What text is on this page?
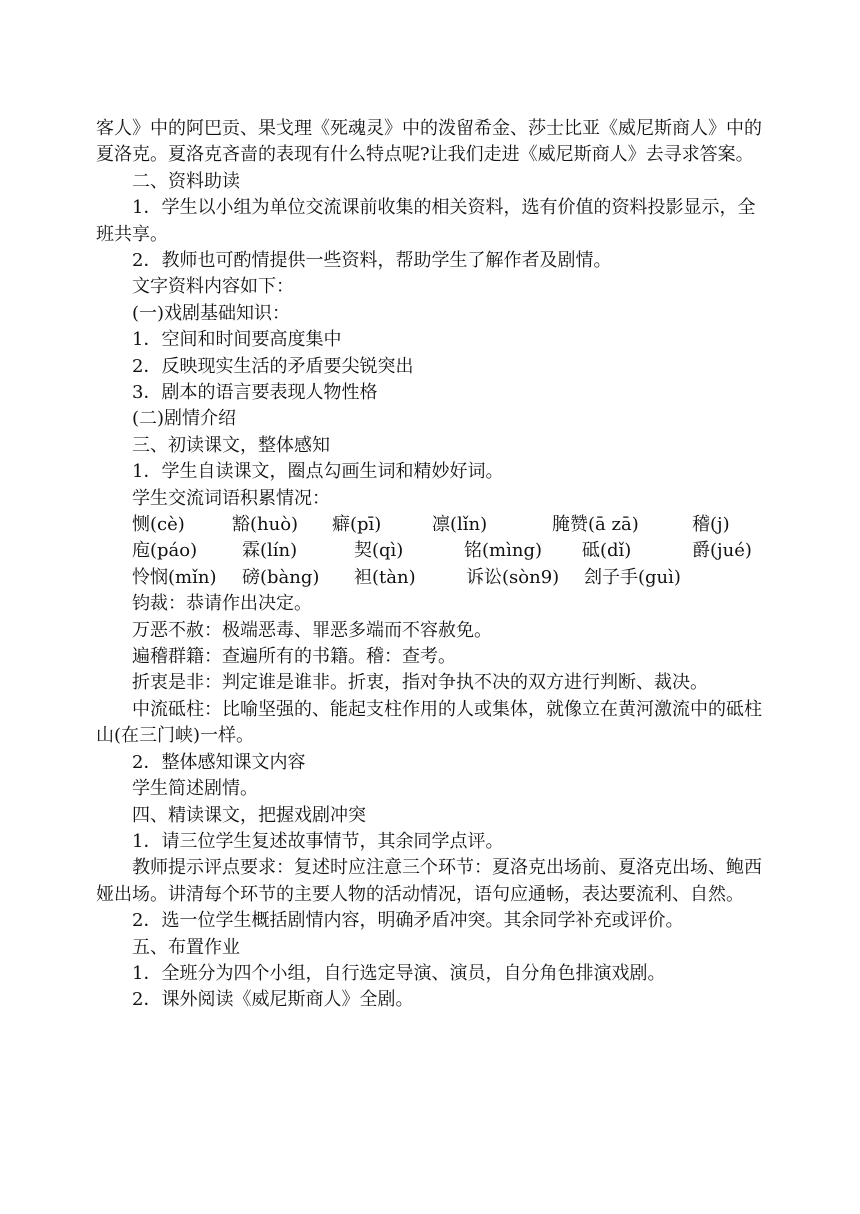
客人》中的阿巴贡、果戈理《死魂灵》中的泼留希金、莎士比亚《威尼斯商人》中的夏洛克。夏洛克吝啬的表现有什么特点呢?让我们走进《威尼斯商人》去寻求答案。

二、资料助读

1．学生以小组为单位交流课前收集的相关资料，选有价值的资料投影显示，全班共享。

2．教师也可酌情提供一些资料，帮助学生了解作者及剧情。

文字资料内容如下：

(一)戏剧基础知识：

1．空间和时间要高度集中

2．反映现实生活的矛盾要尖锐突出

3．剧本的语言要表现人物性格

(二)剧情介绍

三、初读课文，整体感知

1．学生自读课文，圈点勾画生词和精妙好词。

学生交流词语积累情况：

恻(cè)	豁(huò) 癖(pī)	凛(lǐn)	腌赞(ā zā)	稽(j)
庖(páo) 霖(lín)	契(qì)	铭(mìng) 砥(dǐ)	爵(jué)
怜悯(mǐn) 磅(bàng) 袒(tàn)	诉讼(sòn9) 刽子手(guì)

钧裁：恭请作出决定。

万恶不赦：极端恶毒、罪恶多端而不容赦免。

遍稽群籍：查遍所有的书籍。稽：查考。

折衷是非：判定谁是谁非。折衷，指对争执不决的双方进行判断、裁决。

中流砥柱：比喻坚强的、能起支柱作用的人或集体，就像立在黄河激流中的砥柱山(在三门峡)一样。

2．整体感知课文内容

学生简述剧情。

四、精读课文，把握戏剧冲突

1．请三位学生复述故事情节，其余同学点评。

教师提示评点要求：复述时应注意三个环节：夏洛克出场前、夏洛克出场、鲍西娅出场。讲清每个环节的主要人物的活动情况，语句应通畅，表达要流利、自然。

2．选一位学生概括剧情内容，明确矛盾冲突。其余同学补充或评价。

五、布置作业

1．全班分为四个小组，自行选定导演、演员，自分角色排演戏剧。

2．课外阅读《威尼斯商人》全剧。
